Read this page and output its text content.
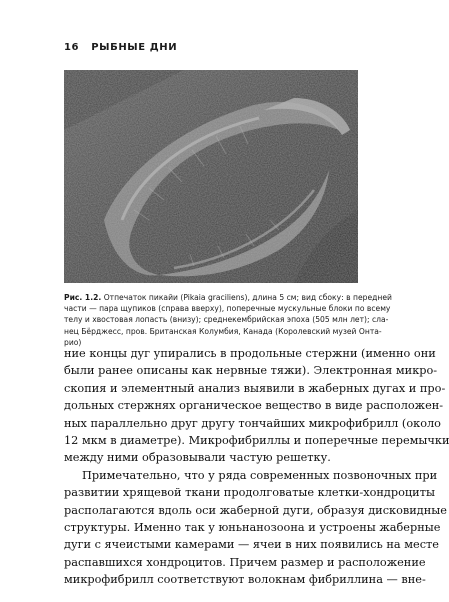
16 РЫБНЫЕ ДНИ
Рис. 1.2. Отпечаток пикайи (Pikaia graciliens), длина 5 см; вид сбоку: в передней
части — пара щупиков (справа вверху), поперечные мускульные блоки по всему
телу и хвостовая лопасть (внизу); среднекембрийская эпоха (505 млн лет); сла-
нец Бёрджесс, пров. Британская Колумбия, Канада (Королевский музей Онта-
рио)

ние концы дуг упирались в продольные стержни (именно они
были ранее описаны как нервные тяжи). Электронная микро-
скопия и элементный анализ выявили в жаберных дугах и про-
дольных стержнях органическое вещество в виде расположен-
ных параллельно друг другу тончайших микрофибрилл (около
12 мкм в диаметре). Микрофибриллы и поперечные перемычки
между ними образовывали частую решетку.

Примечательно, что у ряда современных позвоночных при
развитии хрящевой ткани продолговатые клетки-хондроциты
располагаются вдоль оси жаберной дуги, образуя дисковидные
структуры. Именно так у юньнанозоона и устроены жаберные
дуги с ячеистыми камерами — ячеи в них появились на месте
распавшихся хондроцитов. Причем размер и расположение
микрофибрилл соответствуют волокнам фибриллина — вне-
